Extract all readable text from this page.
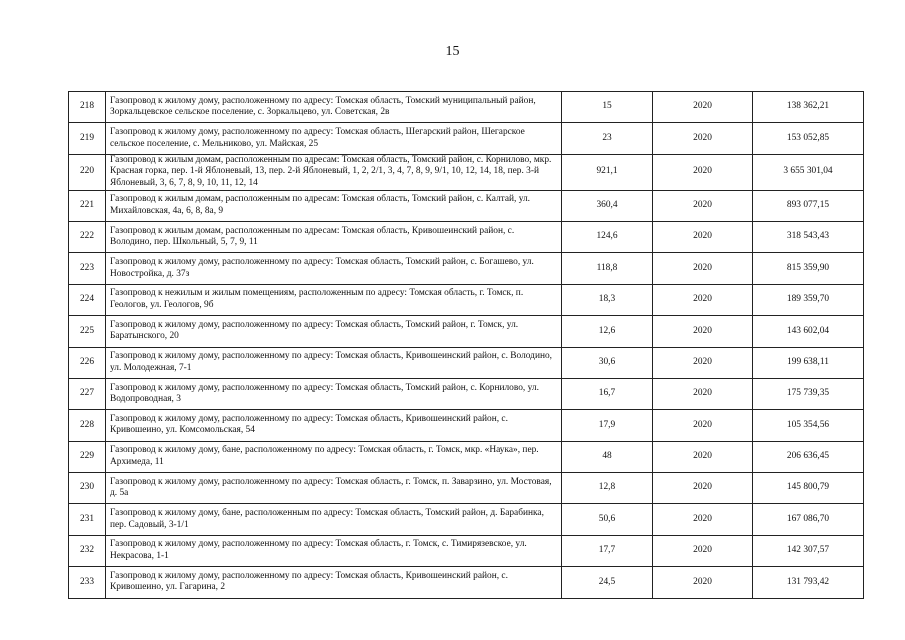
15
218	Газопровод к жилому дому, расположенному по адресу: Томская область, Томский муниципальный район, Зоркальцевское сельское поселение, с. Зоркальцево, ул. Советская, 2в	15	2020	138 362,21
219	Газопровод к жилому дому, расположенному по адресу: Томская область, Шегарский район, Шегарское сельское поселение, с. Мельниково, ул. Майская, 25	23	2020	153 052,85
220	Газопровод к жилым домам, расположенным по адресам: Томская область, Томский район, с. Корнилово, мкр. Красная горка, пер. 1-й Яблоневый, 13, пер. 2-й Яблоневый, 1, 2, 2/1, 3, 4, 7, 8, 9, 9/1, 10, 12, 14, 18, пер. 3-й Яблоневый, 3, 6, 7, 8, 9, 10, 11, 12, 14	921,1	2020	3 655 301,04
221	Газопровод к жилым домам, расположенным по адресам: Томская область, Томский район, с. Калтай, ул. Михайловская, 4а, 6, 8, 8а, 9	360,4	2020	893 077,15
222	Газопровод к жилым домам, расположенным по адресам: Томская область, Кривошеинский район, с. Володино, пер. Школьный, 5, 7, 9, 11	124,6	2020	318 543,43
223	Газопровод к жилому дому, расположенному по адресу: Томская область, Томский район, с. Богашево, ул. Новостройка, д. 37з	118,8	2020	815 359,90
224	Газопровод к нежилым и жилым помещениям, расположенным по адресу: Томская область, г. Томск, п. Геологов, ул. Геологов, 9б	18,3	2020	189 359,70
225	Газопровод к жилому дому, расположенному по адресу: Томская область, Томский район, г. Томск, ул. Баратынского, 20	12,6	2020	143 602,04
226	Газопровод к жилому дому, расположенному по адресу: Томская область, Кривошеинский район, с. Володино, ул. Молодежная, 7-1	30,6	2020	199 638,11
227	Газопровод к жилому дому, расположенному по адресу: Томская область, Томский район, с. Корнилово, ул. Водопроводная, 3	16,7	2020	175 739,35
228	Газопровод к жилому дому, расположенному по адресу: Томская область, Кривошеинский район, с. Кривошеино, ул. Комсомольская, 54	17,9	2020	105 354,56
229	Газопровод к жилому дому, бане, расположенному по адресу: Томская область, г. Томск, мкр. «Наука», пер. Архимеда, 11	48	2020	206 636,45
230	Газопровод к жилому дому, расположенному по адресу: Томская область, г. Томск, п. Заварзино, ул. Мостовая, д. 5а	12,8	2020	145 800,79
231	Газопровод к жилому дому, бане, расположенным по адресу: Томская область, Томский район, д. Барабинка, пер. Садовый, 3-1/1	50,6	2020	167 086,70
232	Газопровод к жилому дому, расположенному по адресу: Томская область, г. Томск, с. Тимирязевское, ул. Некрасова, 1-1	17,7	2020	142 307,57
233	Газопровод к жилому дому, расположенному по адресу: Томская область, Кривошеинский район, с. Кривошеино, ул. Гагарина, 2	24,5	2020	131 793,42
